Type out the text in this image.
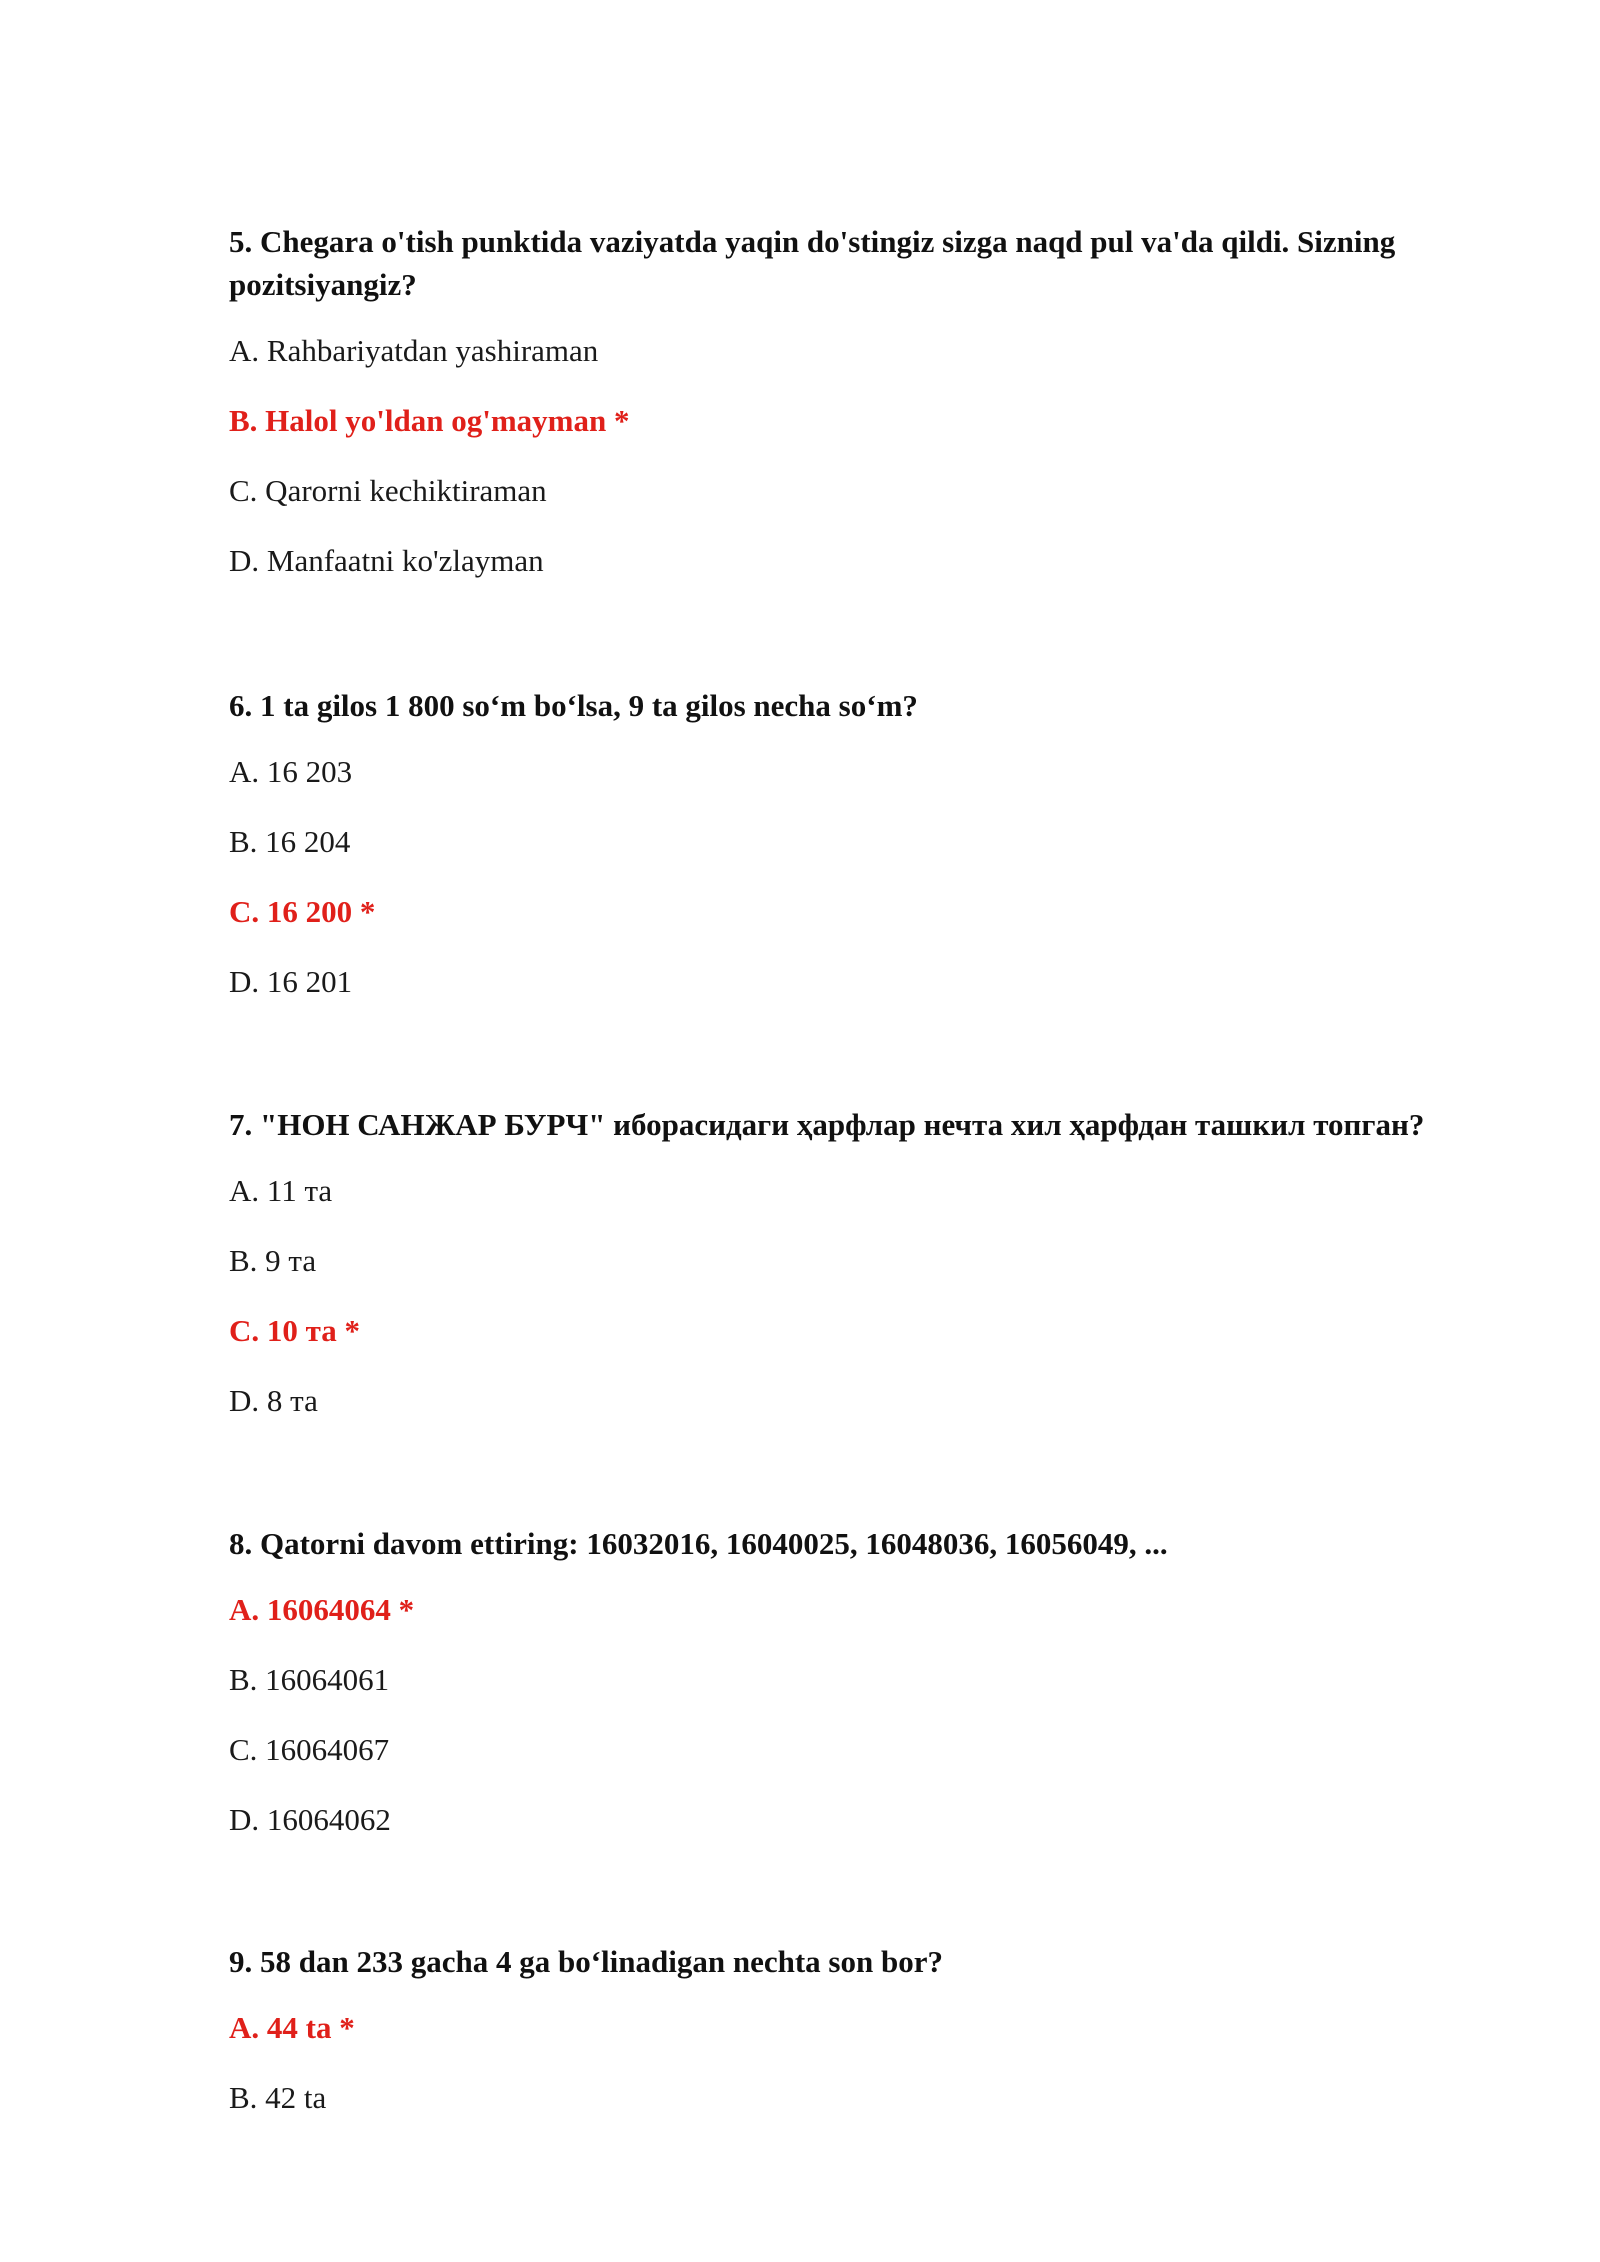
5. Chegara o'tish punktida vaziyatda yaqin do'stingiz sizga naqd pul va'da qildi. Sizning pozitsiyangiz?

A. Rahbariyatdan yashiraman

B. Halol yo'ldan og'mayman *

C. Qarorni kechiktiraman

D. Manfaatni ko'zlayman

6. 1 ta gilos 1 800 so‘m bo‘lsa, 9 ta gilos necha so‘m?

A. 16 203

B. 16 204

C. 16 200 *

D. 16 201

7. "НОН САНЖАР БУРЧ" иборасидаги ҳарфлар нечта хил ҳарфдан ташкил топган?

A. 11 та

B. 9 та

C. 10 та *

D. 8 та

8. Qatorni davom ettiring: 16032016, 16040025, 16048036, 16056049, ...

A. 16064064 *

B. 16064061

C. 16064067

D. 16064062

9. 58 dan 233 gacha 4 ga bo‘linadigan nechta son bor?

A. 44 ta *

B. 42 ta
